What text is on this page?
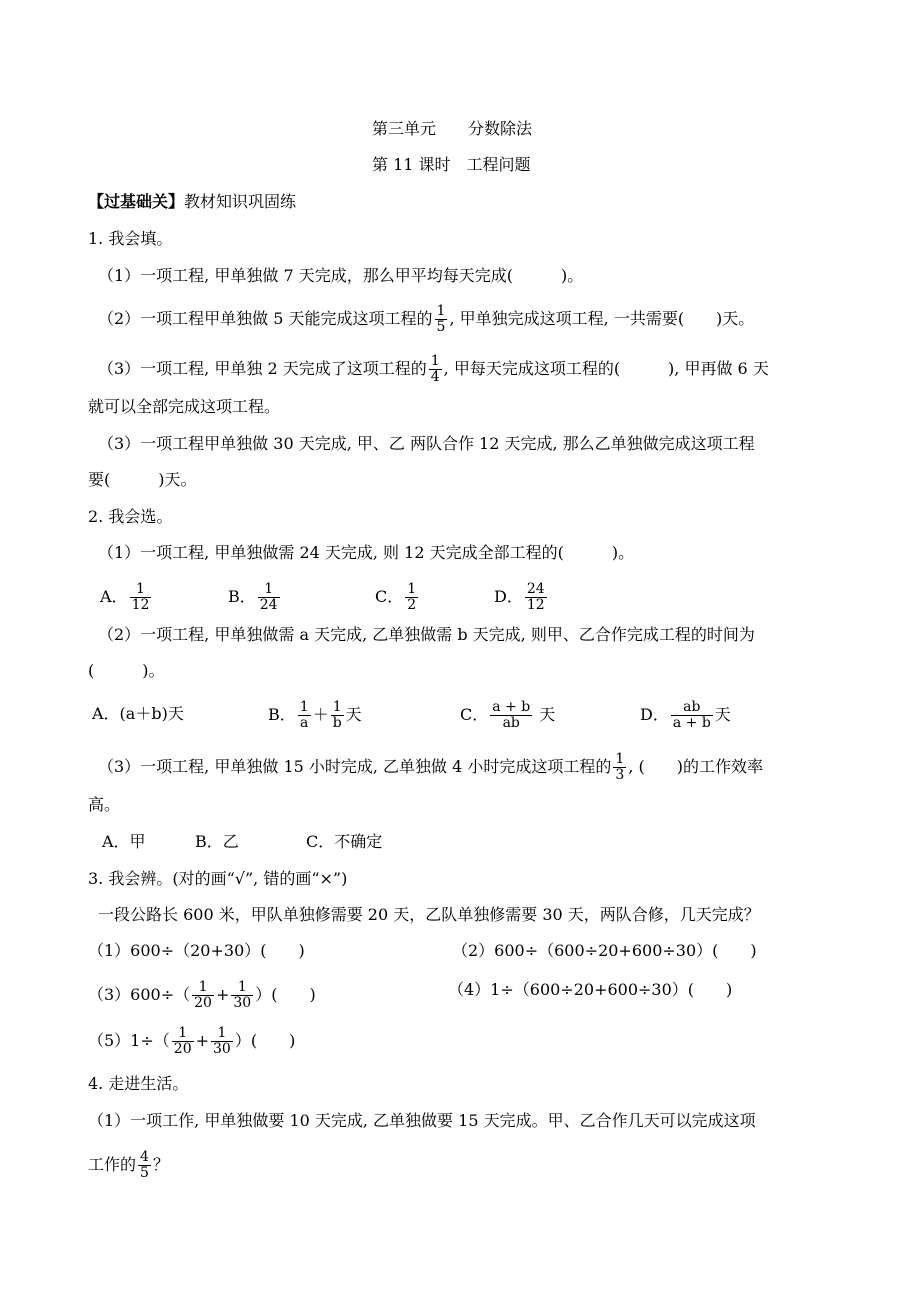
第三单元　　分数除法
第 11 课时　工程问题
【过基础关】教材知识巩固练
1. 我会填。
（1）一项工程, 甲单独做 7 天完成，那么甲平均每天完成(　　　)。
（2）一项工程甲单独做 5 天能完成这项工程的 $\frac{1}{5}$ , 甲单独完成这项工程, 一共需要(　　)天。
（3）一项工程, 甲单独 2 天完成了这项工程的 $\frac{1}{4}$ , 甲每天完成这项工程的(　　　), 甲再做 6 天
就可以全部完成这项工程。
（3）一项工程甲单独做 30 天完成, 甲、乙 两队合作 12 天完成, 那么乙单独做完成这项工程
要(　　　)天。
2. 我会选。
（1）一项工程, 甲单独做需 24 天完成, 则 12 天完成全部工程的(　　　)。
A． $\frac{1}{12}$	B． $\frac{1}{24}$	C． $\frac{1}{2}$	D． $\frac{24}{12}$
（2）一项工程, 甲单独做需 a 天完成, 乙单独做需 b 天完成, 则甲、乙合作完成工程的时间为
(　　　)。
A．(a＋b)天	B． $\frac{1}{a} + \frac{1}{b}$ 天	C． $\frac{a + b}{ab}$ 天	D． $\frac{ab}{a + b}$ 天
（3）一项工程, 甲单独做 15 小时完成, 乙单独做 4 小时完成这项工程的 $\frac{1}{3}$ , (　　)的工作效率
高。
A．甲	B．乙	C．不确定
3. 我会辨。(对的画“√”, 错的画“×”)
一段公路长 600 米，甲队单独修需要 20 天，乙队单独修需要 30 天，两队合修，几天完成？
（1）600÷（20+30）(　　)	（2）600÷（600÷20+600÷30）(　　)
$(3)600\div( \frac{1}{20} + \frac{1}{30}$ ）(　　)	（4）1÷（600÷20+600÷30）(　　)
$(5)1\div( \frac{1}{20} + \frac{1}{30}$ ）(　　)
4. 走进生活。
（1）一项工作, 甲单独做要 10 天完成, 乙单独做要 15 天完成。甲、乙合作几天可以完成这项
工作的 $\frac{4}{5}$ ？
